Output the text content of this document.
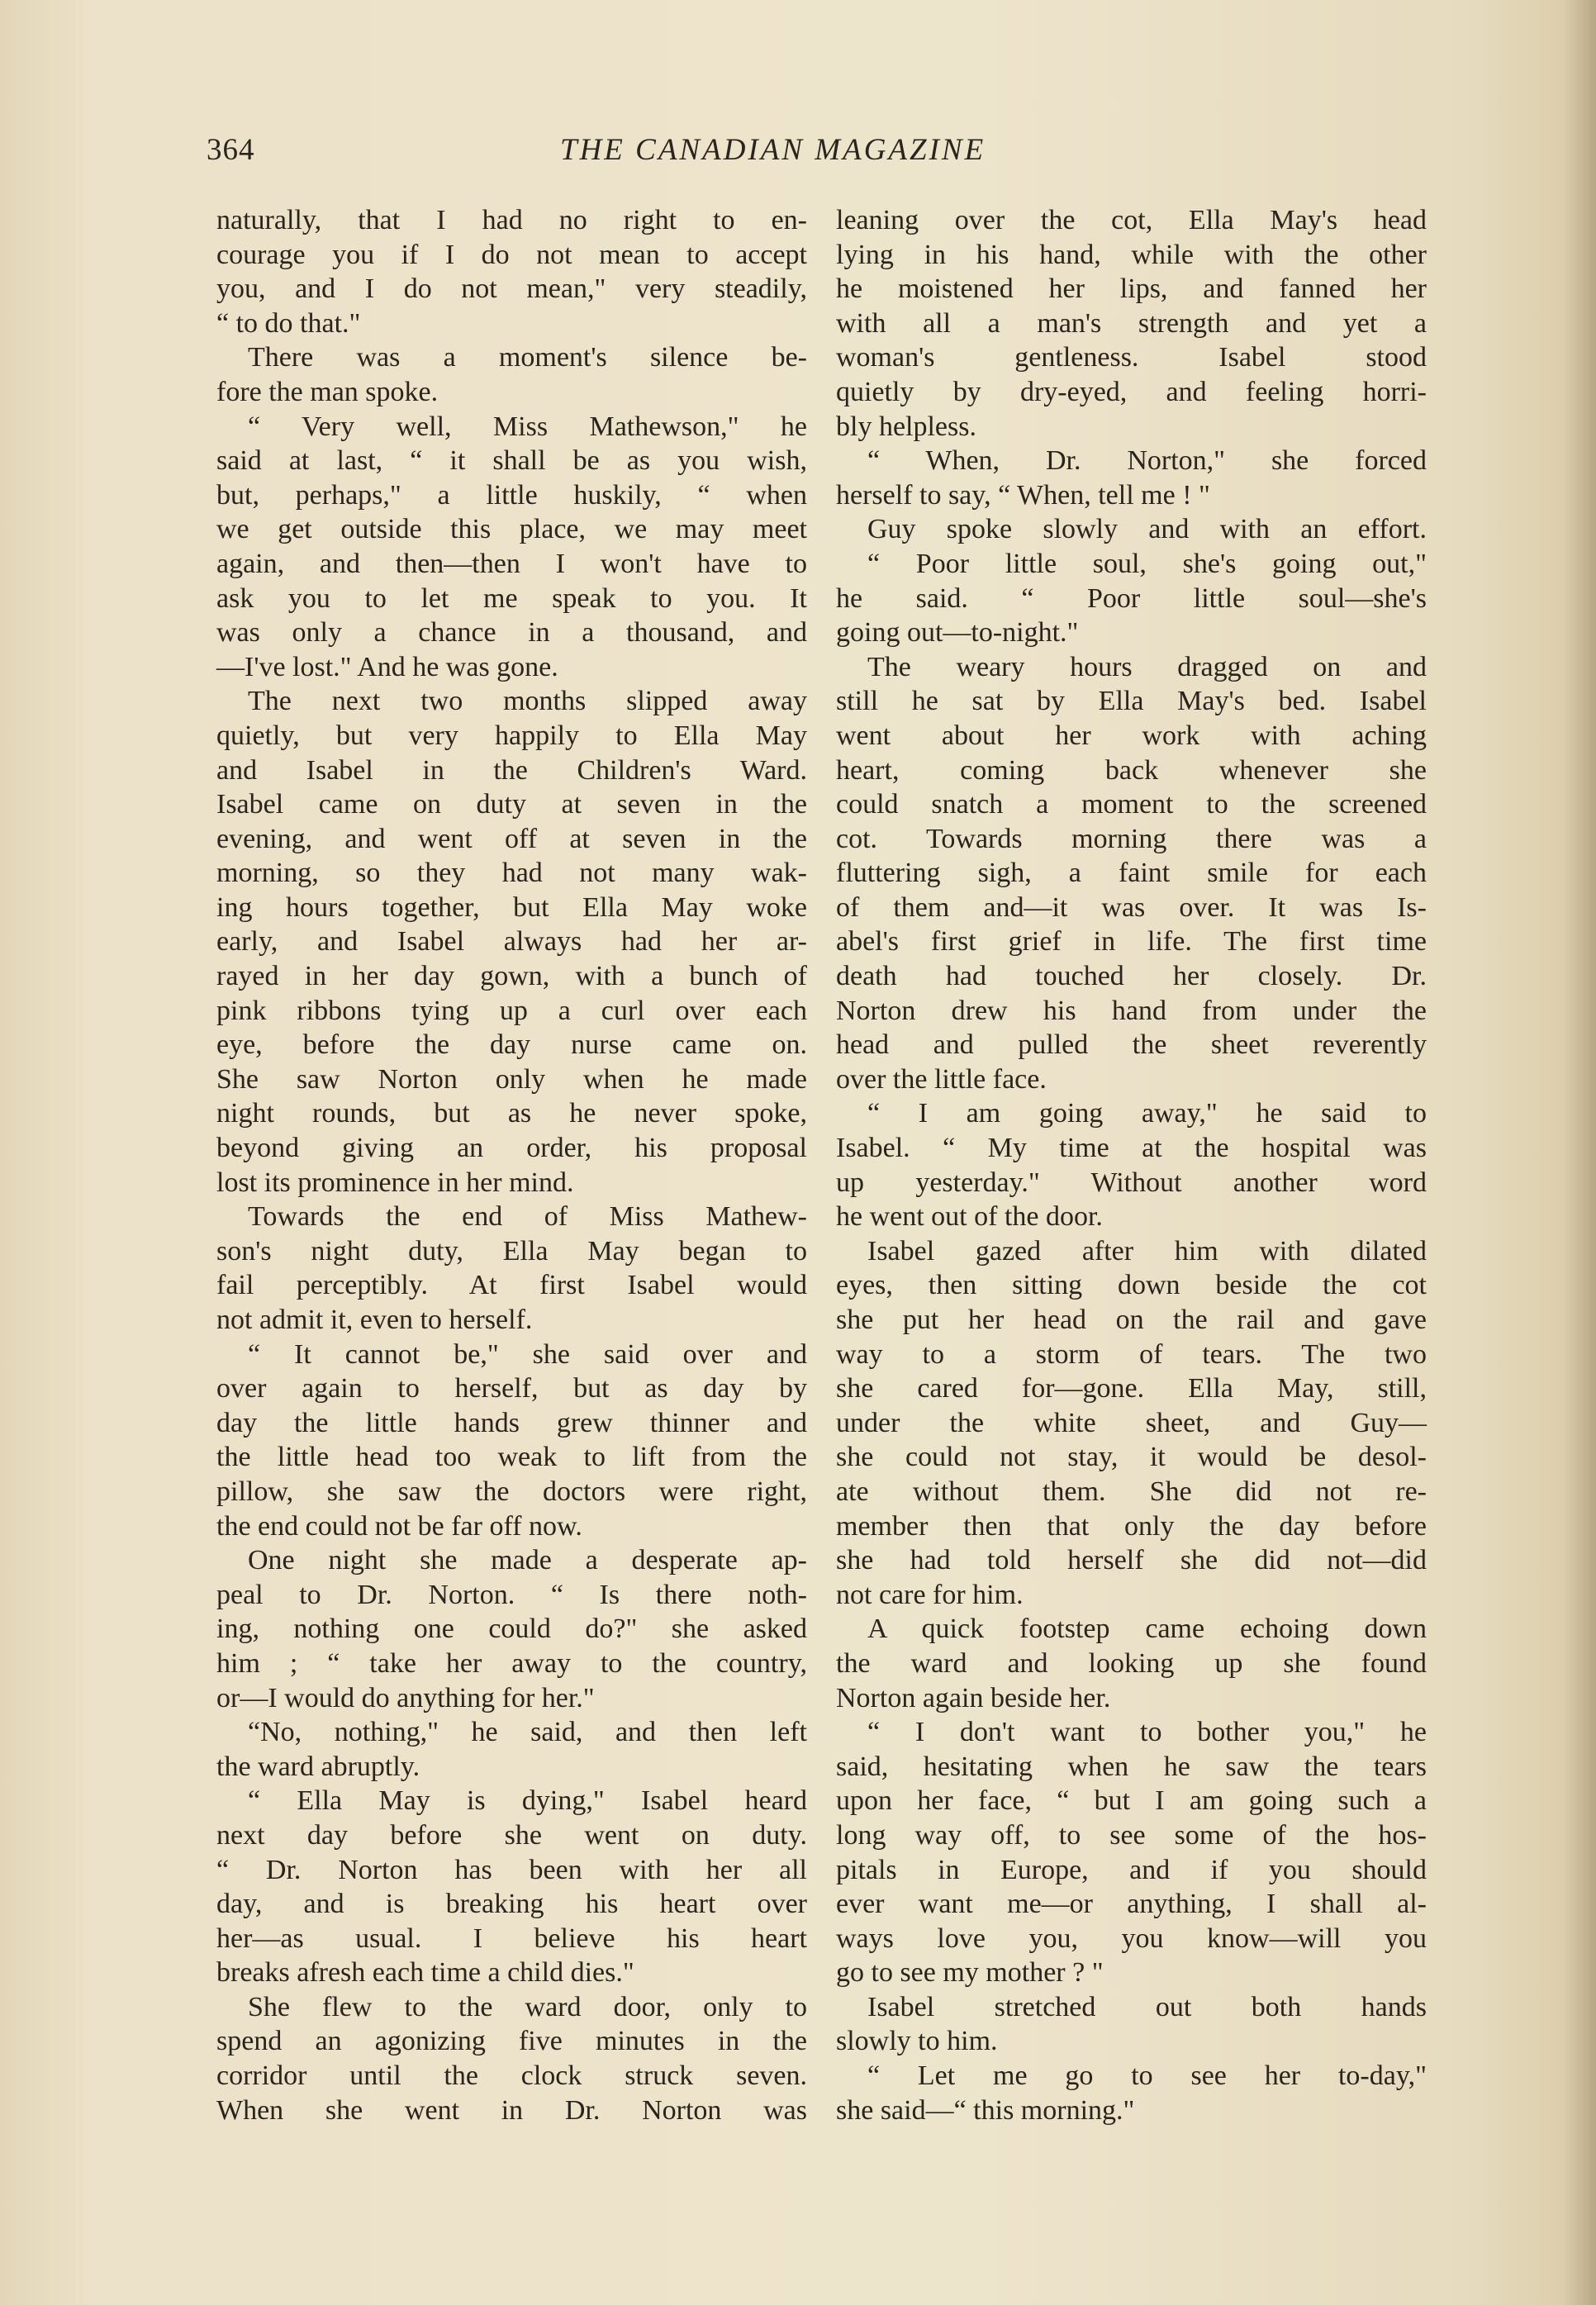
364	THE CANADIAN MAGAZINE
naturally, that I had no right to en-
courage you if I do not mean to accept
you, and I do not mean," very steadily,
“ to do that."
There was a moment's silence be-
fore the man spoke.
“ Very well, Miss Mathewson," he
said at last, “ it shall be as you wish,
but, perhaps," a little huskily, “ when
we get outside this place, we may meet
again, and then—then I won't have to
ask you to let me speak to you. It
was only a chance in a thousand, and
—I've lost." And he was gone.
The next two months slipped away
quietly, but very happily to Ella May
and Isabel in the Children's Ward.
Isabel came on duty at seven in the
evening, and went off at seven in the
morning, so they had not many wak-
ing hours together, but Ella May woke
early, and Isabel always had her ar-
rayed in her day gown, with a bunch of
pink ribbons tying up a curl over each
eye, before the day nurse came on.
She saw Norton only when he made
night rounds, but as he never spoke,
beyond giving an order, his proposal
lost its prominence in her mind.
Towards the end of Miss Mathew-
son's night duty, Ella May began to
fail perceptibly. At first Isabel would
not admit it, even to herself.
“ It cannot be," she said over and
over again to herself, but as day by
day the little hands grew thinner and
the little head too weak to lift from the
pillow, she saw the doctors were right,
the end could not be far off now.
One night she made a desperate ap-
peal to Dr. Norton. “ Is there noth-
ing, nothing one could do?" she asked
him ; “ take her away to the country,
or—I would do anything for her."
“No, nothing," he said, and then left
the ward abruptly.
“ Ella May is dying," Isabel heard
next day before she went on duty.
“ Dr. Norton has been with her all
day, and is breaking his heart over
her—as usual. I believe his heart
breaks afresh each time a child dies."
She flew to the ward door, only to
spend an agonizing five minutes in the
corridor until the clock struck seven.
When she went in Dr. Norton was
leaning over the cot, Ella May's head
lying in his hand, while with the other
he moistened her lips, and fanned her
with all a man's strength and yet a
woman's gentleness. Isabel stood
quietly by dry-eyed, and feeling horri-
bly helpless.
“ When, Dr. Norton," she forced
herself to say, “ When, tell me ! "
Guy spoke slowly and with an effort.
“ Poor little soul, she's going out,"
he said. “ Poor little soul—she's
going out—to-night."
The weary hours dragged on and
still he sat by Ella May's bed. Isabel
went about her work with aching
heart, coming back whenever she
could snatch a moment to the screened
cot. Towards morning there was a
fluttering sigh, a faint smile for each
of them and—it was over. It was Is-
abel's first grief in life. The first time
death had touched her closely. Dr.
Norton drew his hand from under the
head and pulled the sheet reverently
over the little face.
“ I am going away," he said to
Isabel. “ My time at the hospital was
up yesterday." Without another word
he went out of the door.
Isabel gazed after him with dilated
eyes, then sitting down beside the cot
she put her head on the rail and gave
way to a storm of tears. The two
she cared for—gone. Ella May, still,
under the white sheet, and Guy—
she could not stay, it would be desol-
ate without them. She did not re-
member then that only the day before
she had told herself she did not—did
not care for him.
A quick footstep came echoing down
the ward and looking up she found
Norton again beside her.
“ I don't want to bother you," he
said, hesitating when he saw the tears
upon her face, “ but I am going such a
long way off, to see some of the hos-
pitals in Europe, and if you should
ever want me—or anything, I shall al-
ways love you, you know—will you
go to see my mother ? "
Isabel stretched out both hands
slowly to him.
“ Let me go to see her to-day,"
she said—“ this morning."
